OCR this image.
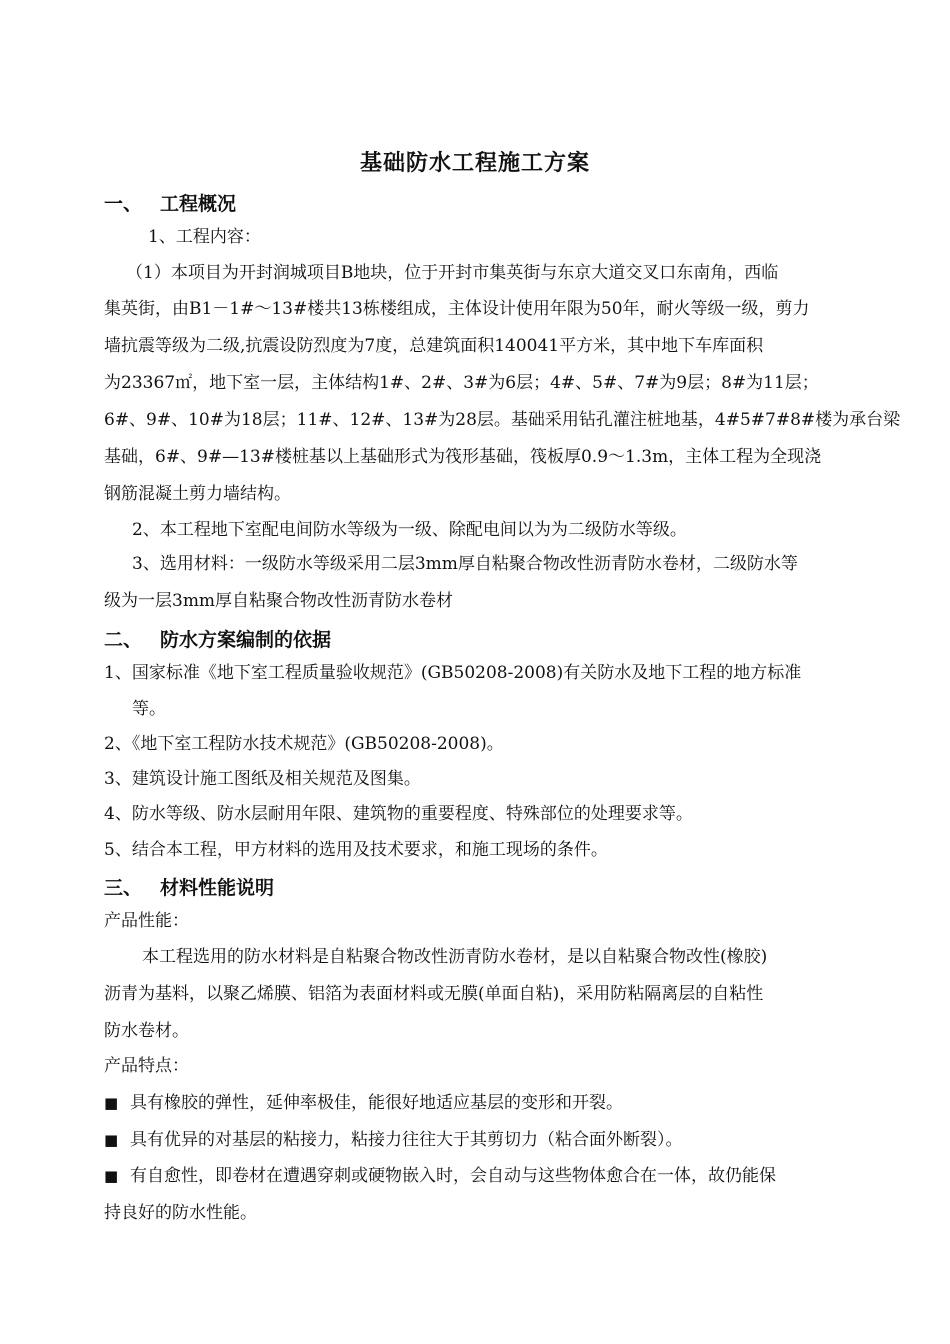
基础防水工程施工方案
一、 工程概况
1、工程内容：
（1）本项目为开封润城项目B地块，位于开封市集英街与东京大道交叉口东南角，西临
集英街，由B1－1#～13#楼共13栋楼组成，主体设计使用年限为50年，耐火等级一级，剪力
墙抗震等级为二级,抗震设防烈度为7度，总建筑面积140041平方米，其中地下车库面积
为23367㎡，地下室一层，主体结构1#、2#、3#为6层；4#、5#、7#为9层；8#为11层；
6#、9#、10#为18层；11#、12#、13#为28层。基础采用钻孔灌注桩地基，4#5#7#8#楼为承台梁
基础，6#、9#—13#楼桩基以上基础形式为筏形基础，筏板厚0.9～1.3m，主体工程为全现浇
钢筋混凝土剪力墙结构。
2、本工程地下室配电间防水等级为一级、除配电间以为为二级防水等级。
3、选用材料：一级防水等级采用二层3mm厚自粘聚合物改性沥青防水卷材，二级防水等
级为一层3mm厚自粘聚合物改性沥青防水卷材
二、 防水方案编制的依据
1、国家标准《地下室工程质量验收规范》(GB50208-2008)有关防水及地下工程的地方标准
等。
2、《地下室工程防水技术规范》(GB50208-2008)。
3、建筑设计施工图纸及相关规范及图集。
4、防水等级、防水层耐用年限、建筑物的重要程度、特殊部位的处理要求等。
5、结合本工程，甲方材料的选用及技术要求，和施工现场的条件。
三、 材料性能说明
产品性能：
本工程选用的防水材料是自粘聚合物改性沥青防水卷材，是以自粘聚合物改性(橡胶)
沥青为基料，以聚乙烯膜、铝箔为表面材料或无膜(单面自粘)，采用防粘隔离层的自粘性
防水卷材。
产品特点：
■ 具有橡胶的弹性，延伸率极佳，能很好地适应基层的变形和开裂。
■ 具有优异的对基层的粘接力，粘接力往往大于其剪切力（粘合面外断裂）。
■ 有自愈性，即卷材在遭遇穿刺或硬物嵌入时，会自动与这些物体愈合在一体，故仍能保
持良好的防水性能。
